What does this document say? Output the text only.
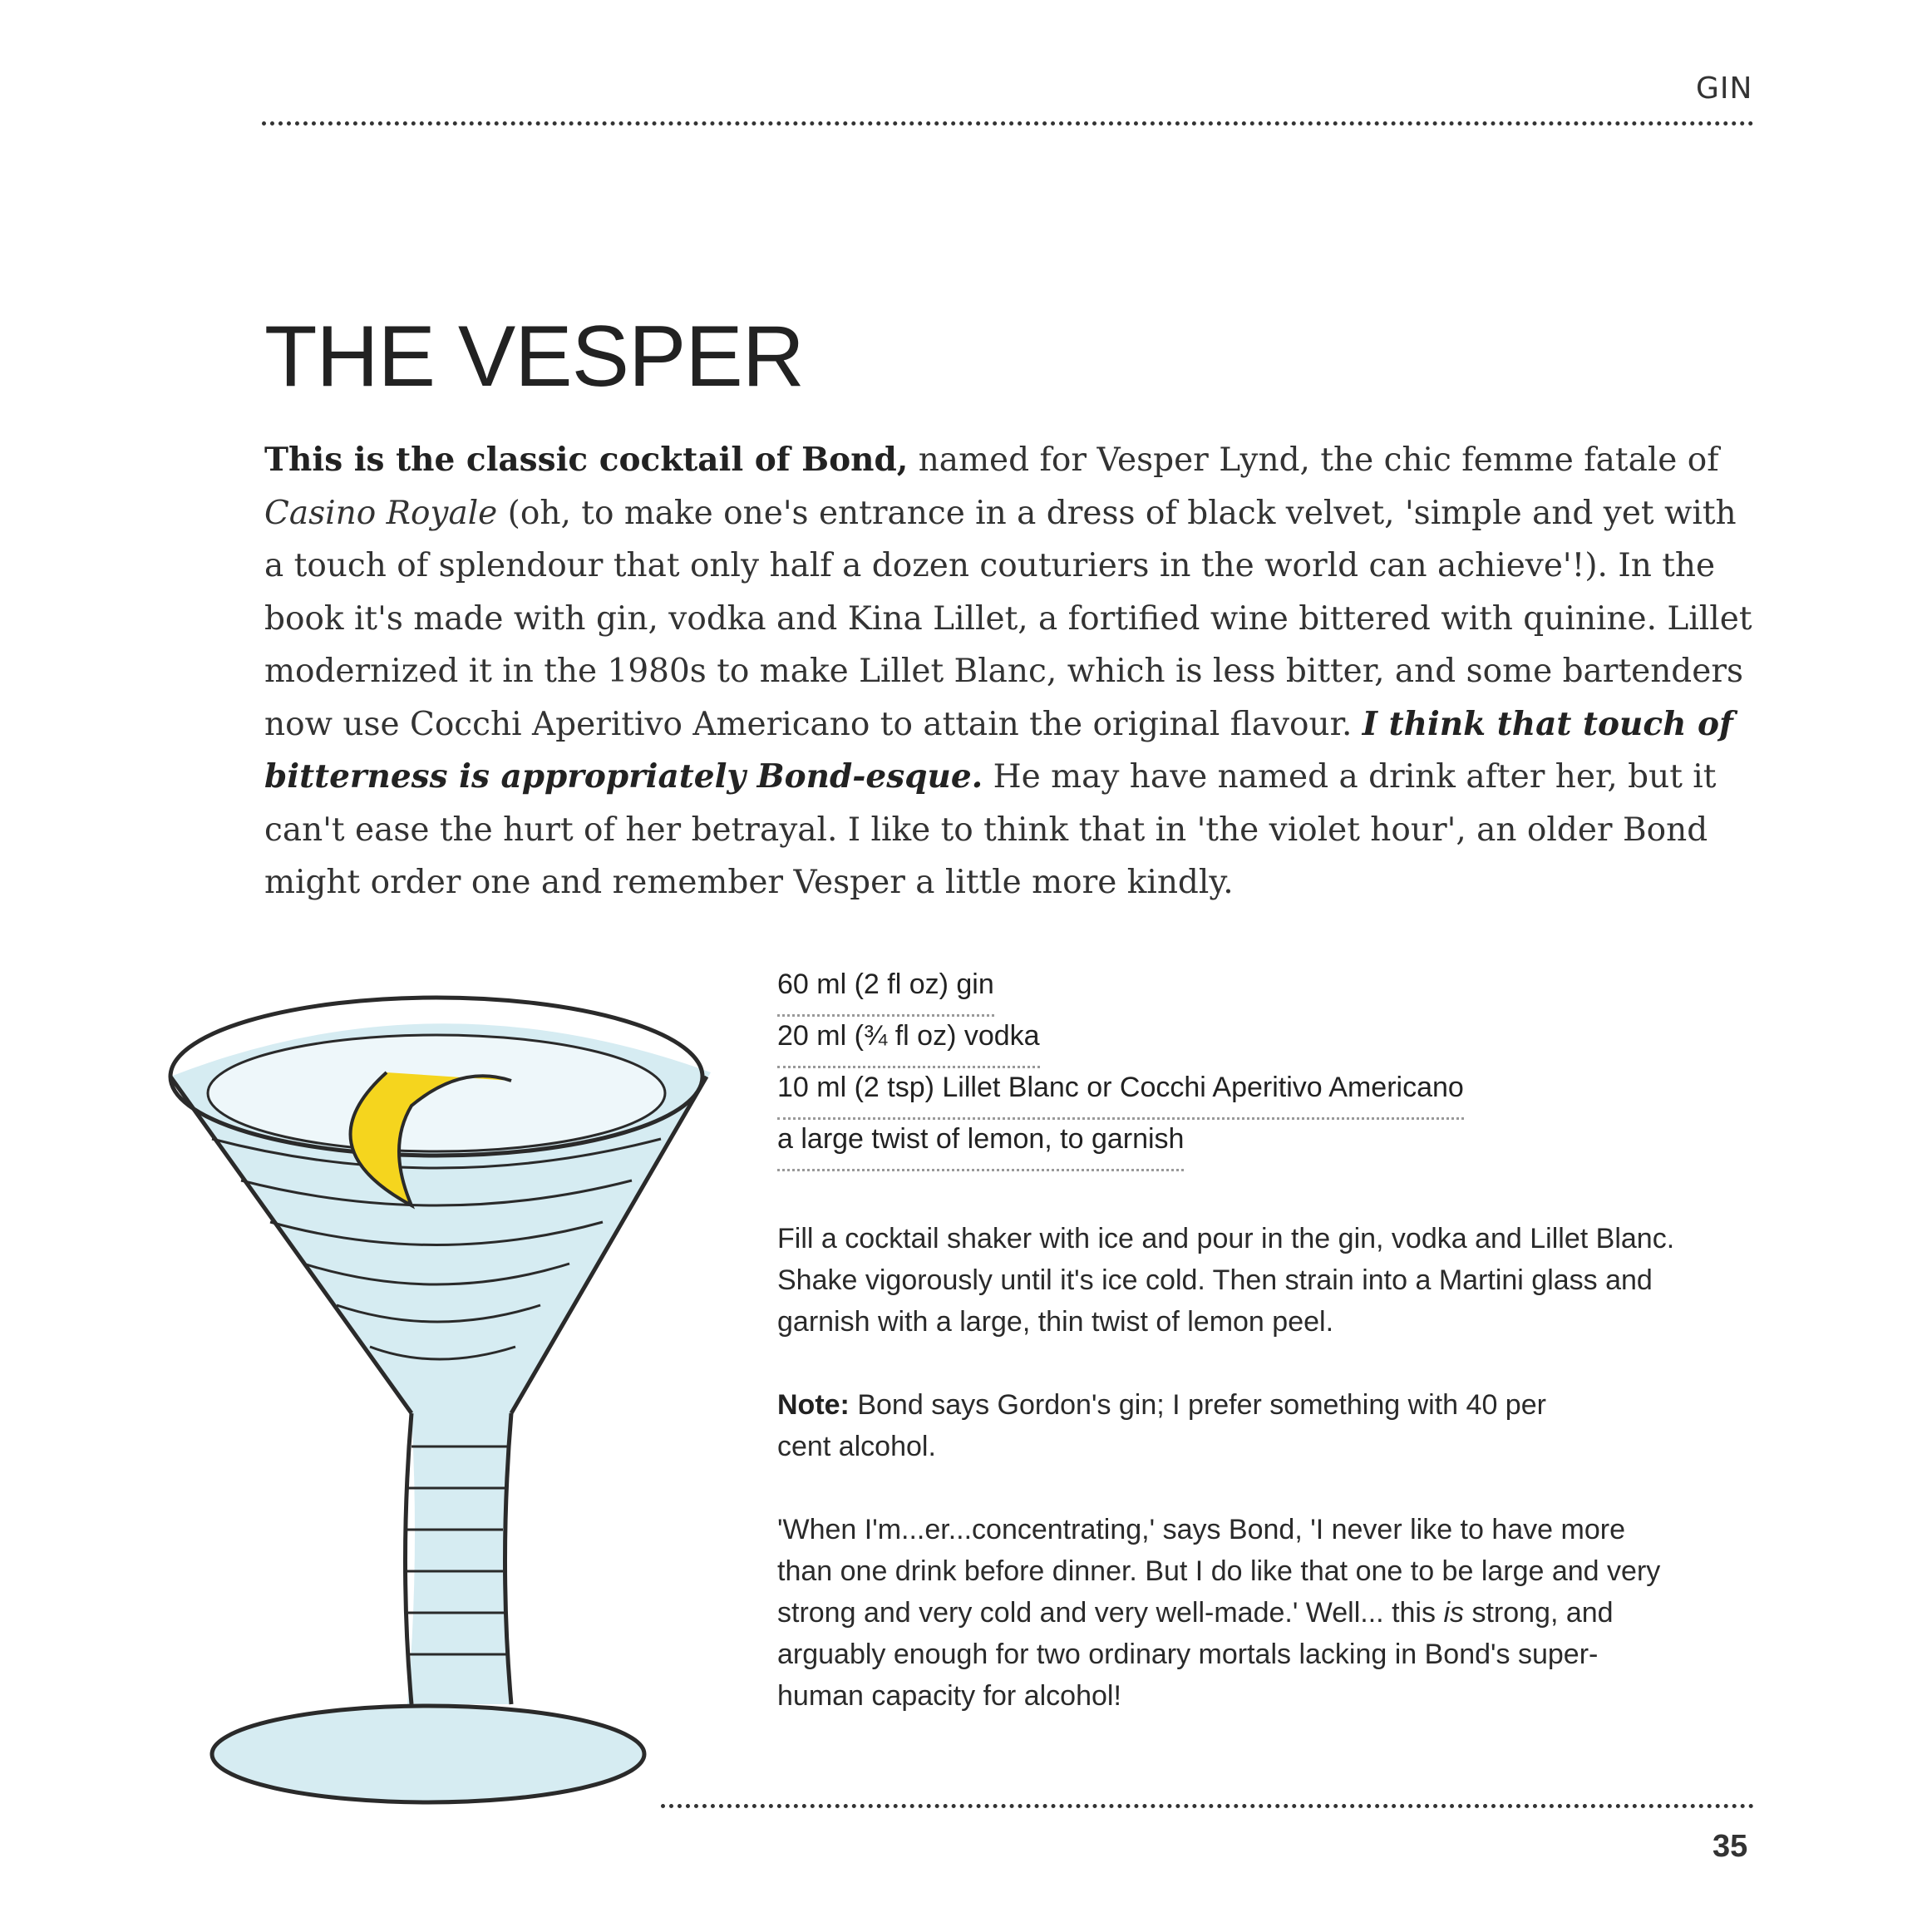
GIN
THE VESPER
This is the classic cocktail of Bond, named for Vesper Lynd, the chic femme fatale of Casino Royale (oh, to make one's entrance in a dress of black velvet, 'simple and yet with a touch of splendour that only half a dozen couturiers in the world can achieve'!). In the book it's made with gin, vodka and Kina Lillet, a fortified wine bittered with quinine. Lillet modernized it in the 1980s to make Lillet Blanc, which is less bitter, and some bartenders now use Cocchi Aperitivo Americano to attain the original flavour. I think that touch of bitterness is appropriately Bond-esque. He may have named a drink after her, but it can't ease the hurt of her betrayal. I like to think that in 'the violet hour', an older Bond might order one and remember Vesper a little more kindly.
60 ml (2 fl oz) gin
20 ml (¾ fl oz) vodka
10 ml (2 tsp) Lillet Blanc or Cocchi Aperitivo Americano
a large twist of lemon, to garnish
Fill a cocktail shaker with ice and pour in the gin, vodka and Lillet Blanc. Shake vigorously until it's ice cold. Then strain into a Martini glass and garnish with a large, thin twist of lemon peel.
Note: Bond says Gordon's gin; I prefer something with 40 per cent alcohol.
'When I'm...er...concentrating,' says Bond, 'I never like to have more than one drink before dinner. But I do like that one to be large and very strong and very cold and very well-made.' Well... this is strong, and arguably enough for two ordinary mortals lacking in Bond's super-human capacity for alcohol!
35
